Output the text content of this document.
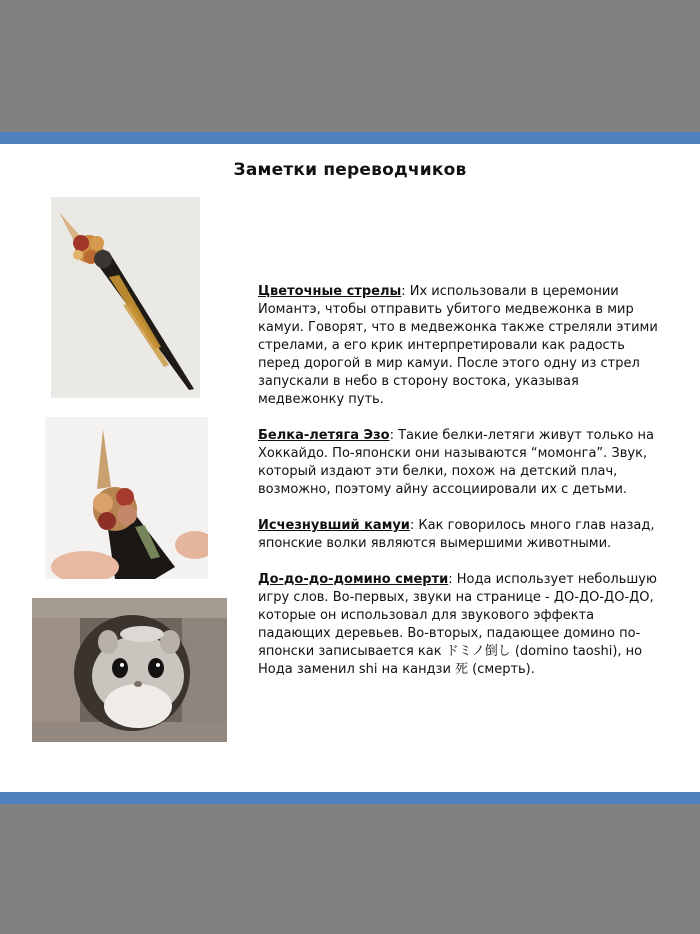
Заметки переводчиков

Цветочные стрелы: Их использовали в церемонии Иомантэ, чтобы отправить убитого медвежонка в мир камуи. Говорят, что в медвежонка также стреляли этими стрелами, а его крик интерпретировали как радость перед дорогой в мир камуи. После этого одну из стрел запускали в небо в сторону востока, указывая медвежонку путь.

Белка-летяга Эзо: Такие белки-летяги живут только на Хоккайдо. По-японски они называются “момонга”. Звук, который издают эти белки, похож на детский плач, возможно, поэтому айну ассоциировали их с детьми.

Исчезнувший камуи: Как говорилось много глав назад, японские волки являются вымершими животными.

До-до-до-домино смерти: Нода использует небольшую игру слов. Во-первых, звуки на странице - ДО-ДО-ДО-ДО, которые он использовал для звукового эффекта падающих деревьев. Во-вторых, падающее домино по-японски записывается как ドミノ倒し (domino taoshi), но Нода заменил shi на кандзи 死 (смерть).
